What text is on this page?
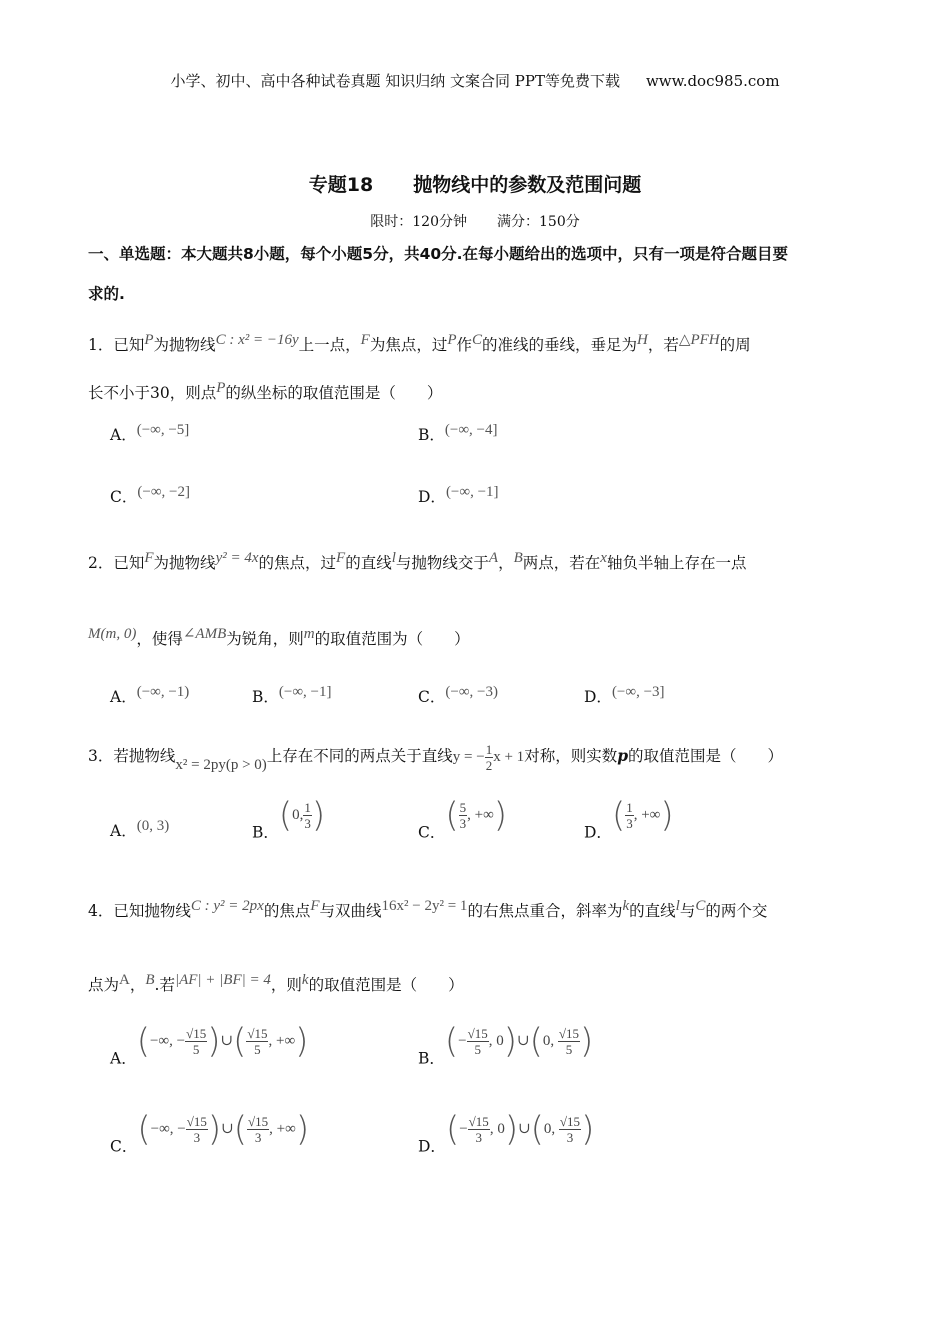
小学、初中、高中各种试卷真题 知识归纳 文案合同 PPT等免费下载 www.doc985.com
专题18 抛物线中的参数及范围问题
限时：120分钟 满分：150分
一、单选题：本大题共8小题，每个小题5分，共40分.在每小题给出的选项中，只有一项是符合题目要
求的.
1．已知P为抛物线C : x² = −16y上一点，F为焦点，过P作C的准线的垂线，垂足为H，若△PFH的周
长不小于30，则点P的纵坐标的取值范围是（　　）
A．(−∞, −5]	B．(−∞, −4]
C．(−∞, −2]	D．(−∞, −1]
2．已知F为抛物线y² = 4x的焦点，过F的直线l与抛物线交于A，B两点，若在x轴负半轴上存在一点
M(m, 0)，使得∠AMB为锐角，则m的取值范围为（　　）
A．(−∞, −1)	B．(−∞, −1]	C．(−∞, −3)	D．(−∞, −3]
3．若抛物线x² = 2py(p > 0)上存在不同的两点关于直线y = − $\frac{1}{2}$ x + 1对称，则实数p的取值范围是（　　）
A．(0, 3)	B．(0, $\frac{1}{3}$ )	C．( $\frac{5}{3}$ , +∞)	D．( $\frac{1}{3}$ , +∞)
4．已知抛物线C : y² = 2px的焦点F与双曲线16x² − 2y² = 1的右焦点重合，斜率为k的直线l与C的两个交
点为A，B.若|AF| + |BF| = 4，则k的取值范围是（　　）
A．(−∞, − $\frac{√15}{5}$ )∪( $\frac{√15}{5}$ , +∞)	B．(− $\frac{√15}{5}$ , 0)∪(0, $\frac{√15}{5}$ )
C．(−∞, − $\frac{√15}{3}$ )∪( $\frac{√15}{3}$ , +∞)	D．(− $\frac{√15}{3}$ , 0)∪(0, $\frac{√15}{3}$ )
